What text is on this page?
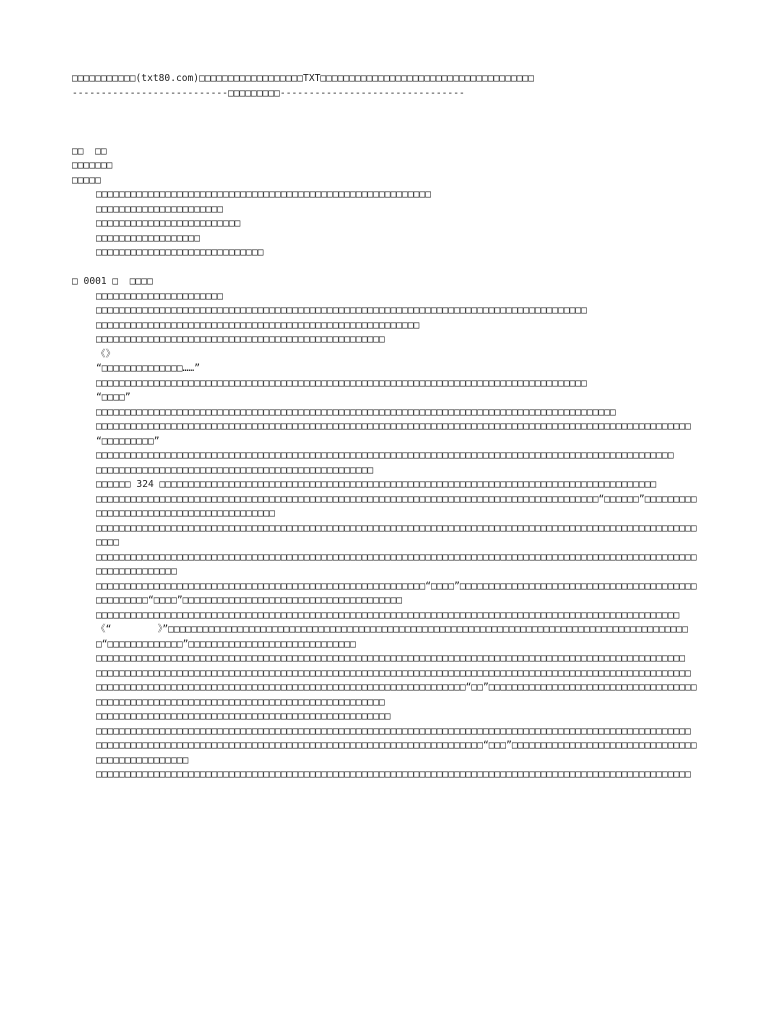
□□□□□□□□□□□(txt80.com)□□□□□□□□□□□□□□□□□□TXT□□□□□□□□□□□□□□□□□□□□□□□□□□□□□□□□□□□□□
---------------------------□□□□□□□□□--------------------------------
□□  □□
□□□□□□□
□□□□□
□□□□□□□□□□□□□□□□□□□□□□□□□□□□□□□□□□□□□□□□□□□□□□□□□□□□□□□□□□
□□□□□□□□□□□□□□□□□□□□□□
□□□□□□□□□□□□□□□□□□□□□□□□□
□□□□□□□□□□□□□□□□□□
□□□□□□□□□□□□□□□□□□□□□□□□□□□□□
□ 0001 □  □□□□
□□□□□□□□□□□□□□□□□□□□□□
□□□□□□□□□□□□□□□□□□□□□□□□□□□□□□□□□□□□□□□□□□□□□□□□□□□□□□□□□□□□□□□□□□□□□□□□□□□□□□□□□□□□□
□□□□□□□□□□□□□□□□□□□□□□□□□□□□□□□□□□□□□□□□□□□□□□□□□□□□□□□□
□□□□□□□□□□□□□□□□□□□□□□□□□□□□□□□□□□□□□□□□□□□□□□□□□□
《》
“□□□□□□□□□□□□□□……”
□□□□□□□□□□□□□□□□□□□□□□□□□□□□□□□□□□□□□□□□□□□□□□□□□□□□□□□□□□□□□□□□□□□□□□□□□□□□□□□□□□□□□
“□□□□”
□□□□□□□□□□□□□□□□□□□□□□□□□□□□□□□□□□□□□□□□□□□□□□□□□□□□□□□□□□□□□□□□□□□□□□□□□□□□□□□□□□□□□□□□□□
□□□□□□□□□□□□□□□□□□□□□□□□□□□□□□□□□□□□□□□□□□□□□□□□□□□□□□□□□□□□□□□□□□□□□□□□□□□□□□□□□□□□□□□□□□□□□□□□□□□□□□□
“□□□□□□□□□”
□□□□□□□□□□□□□□□□□□□□□□□□□□□□□□□□□□□□□□□□□□□□□□□□□□□□□□□□□□□□□□□□□□□□□□□□□□□□□□□□□□□□□□□□□□□□□□□□□□□□
□□□□□□□□□□□□□□□□□□□□□□□□□□□□□□□□□□□□□□□□□□□□□□□□
□□□□□□ 324 □□□□□□□□□□□□□□□□□□□□□□□□□□□□□□□□□□□□□□□□□□□□□□□□□□□□□□□□□□□□□□□□□□□□□□□□□□□□□□□□□□□□□□
□□□□□□□□□□□□□□□□□□□□□□□□□□□□□□□□□□□□□□□□□□□□□□□□□□□□□□□□□□□□□□□□□□□□□□□□□□□□□□□□□□□□□□□“□□□□□□”□□□□□□□□□□□□□□□□□□□□□□□□□□□□□□□□□□□□□□□□
□□□□□□□□□□□□□□□□□□□□□□□□□□□□□□□□□□□□□□□□□□□□□□□□□□□□□□□□□□□□□□□□□□□□□□□□□□□□□□□□□□□□□□□□□□□□□□□□□□□□□□□□□□□□
□□□□□□□□□□□□□□□□□□□□□□□□□□□□□□□□□□□□□□□□□□□□□□□□□□□□□□□□□□□□□□□□□□□□□□□□□□□□□□□□□□□□□□□□□□□□□□□□□□□□□□□□□□□□□□□□□□□□□□
□□□□□□□□□□□□□□□□□□□□□□□□□□□□□□□□□□□□□□□□□□□□□□□□□□□□□□□□□“□□□□”□□□□□□□□□□□□□□□□□□□□□□□□□□□□□□□□□□□□□□□□□□□□□□□□□□“□□□□”□□□□□□□□□□□□□□□□□□□□□□□□□□□□□□□□□□□□□□
□□□□□□□□□□□□□□□□□□□□□□□□□□□□□□□□□□□□□□□□□□□□□□□□□□□□□□□□□□□□□□□□□□□□□□□□□□□□□□□□□□□□□□□□□□□□□□□□□□□□□
《“        》”□□□□□□□□□□□□□□□□□□□□□□□□□□□□□□□□□□□□□□□□□□□□□□□□□□□□□□□□□□□□□□□□□□□□□□□□□□□□□□□□□□□□□□□□□□□“□□□□□□□□□□□□□”□□□□□□□□□□□□□□□□□□□□□□□□□□□□□
□□□□□□□□□□□□□□□□□□□□□□□□□□□□□□□□□□□□□□□□□□□□□□□□□□□□□□□□□□□□□□□□□□□□□□□□□□□□□□□□□□□□□□□□□□□□□□□□□□□□□□
□□□□□□□□□□□□□□□□□□□□□□□□□□□□□□□□□□□□□□□□□□□□□□□□□□□□□□□□□□□□□□□□□□□□□□□□□□□□□□□□□□□□□□□□□□□□□□□□□□□□□□□
□□□□□□□□□□□□□□□□□□□□□□□□□□□□□□□□□□□□□□□□□□□□□□□□□□□□□□□□□□□□□□□□“□□”□□□□□□□□□□□□□□□□□□□□□□□□□□□□□□□□□□□□□□□□□□□□□□□□□□□□□□□□□□□□□□□□□□□□□□□□□□□□□□□□□□□□□□
□□□□□□□□□□□□□□□□□□□□□□□□□□□□□□□□□□□□□□□□□□□□□□□□□□□
□□□□□□□□□□□□□□□□□□□□□□□□□□□□□□□□□□□□□□□□□□□□□□□□□□□□□□□□□□□□□□□□□□□□□□□□□□□□□□□□□□□□□□□□□□□□□□□□□□□□□□□
□□□□□□□□□□□□□□□□□□□□□□□□□□□□□□□□□□□□□□□□□□□□□□□□□□□□□□□□□□□□□□□□□□□“□□□”□□□□□□□□□□□□□□□□□□□□□□□□□□□□□□□□□□□□□□□□□□□□□□□□
□□□□□□□□□□□□□□□□□□□□□□□□□□□□□□□□□□□□□□□□□□□□□□□□□□□□□□□□□□□□□□□□□□□□□□□□□□□□□□□□□□□□□□□□□□□□□□□□□□□□□□□
